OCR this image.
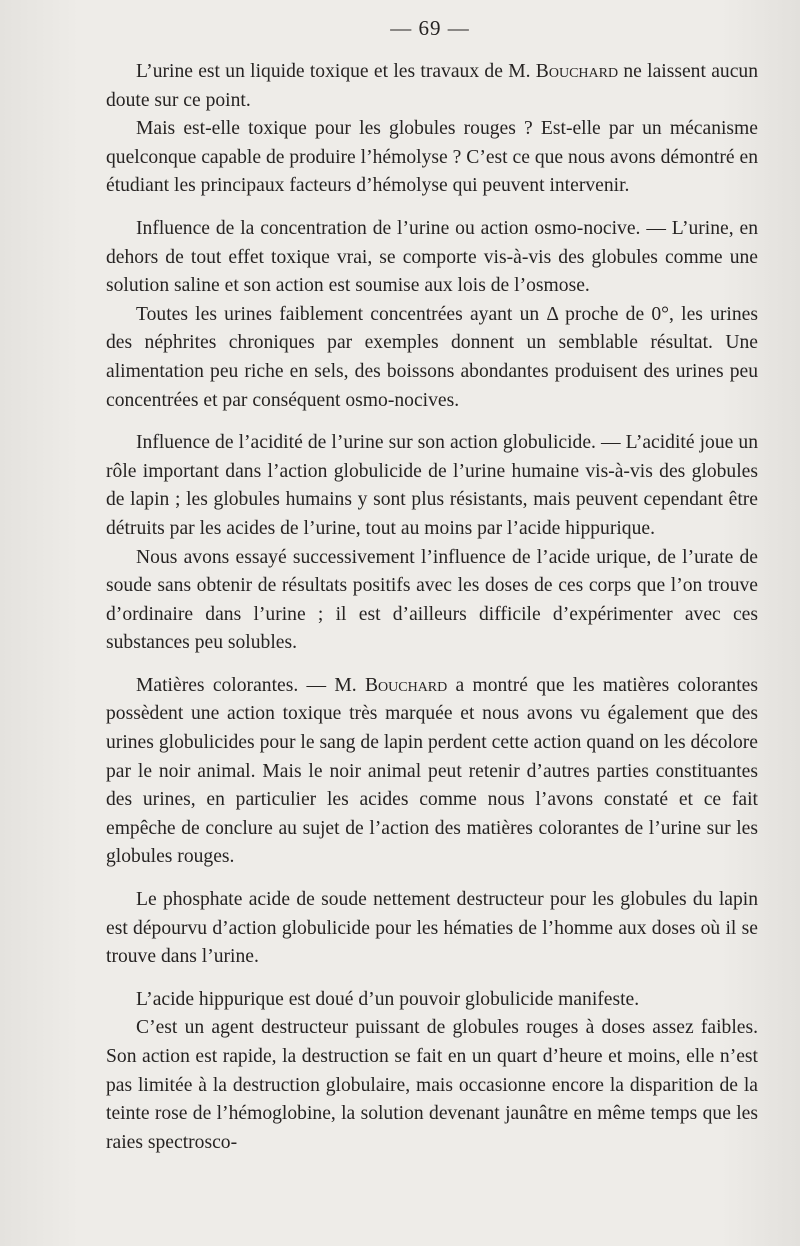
— 69 —

L’urine est un liquide toxique et les travaux de M. Bouchard ne laissent aucun doute sur ce point.

Mais est-elle toxique pour les globules rouges ? Est-elle par un mécanisme quelconque capable de produire l’hémolyse ? C’est ce que nous avons démontré en étudiant les principaux facteurs d’hémolyse qui peuvent intervenir.

Influence de la concentration de l’urine ou action osmo-nocive. — L’urine, en dehors de tout effet toxique vrai, se comporte vis-à-vis des globules comme une solution saline et son action est soumise aux lois de l’osmose.

Toutes les urines faiblement concentrées ayant un Δ proche de 0°, les urines des néphrites chroniques par exemples donnent un semblable résultat. Une alimentation peu riche en sels, des boissons abondantes produisent des urines peu concentrées et par conséquent osmo-nocives.

Influence de l’acidité de l’urine sur son action globulicide. — L’acidité joue un rôle important dans l’action globulicide de l’urine humaine vis-à-vis des globules de lapin ; les globules humains y sont plus résistants, mais peuvent cependant être détruits par les acides de l’urine, tout au moins par l’acide hippurique.

Nous avons essayé successivement l’influence de l’acide urique, de l’urate de soude sans obtenir de résultats positifs avec les doses de ces corps que l’on trouve d’ordinaire dans l’urine ; il est d’ailleurs difficile d’expérimenter avec ces substances peu solubles.

Matières colorantes. — M. Bouchard a montré que les matières colorantes possèdent une action toxique très marquée et nous avons vu également que des urines globulicides pour le sang de lapin perdent cette action quand on les décolore par le noir animal. Mais le noir animal peut retenir d’autres parties constituantes des urines, en particulier les acides comme nous l’avons constaté et ce fait empêche de conclure au sujet de l’action des matières colorantes de l’urine sur les globules rouges.

Le phosphate acide de soude nettement destructeur pour les globules du lapin est dépourvu d’action globulicide pour les hématies de l’homme aux doses où il se trouve dans l’urine.

L’acide hippurique est doué d’un pouvoir globulicide manifeste.

C’est un agent destructeur puissant de globules rouges à doses assez faibles. Son action est rapide, la destruction se fait en un quart d’heure et moins, elle n’est pas limitée à la destruction globulaire, mais occasionne encore la disparition de la teinte rose de l’hémoglobine, la solution devenant jaunâtre en même temps que les raies spectrosco-
